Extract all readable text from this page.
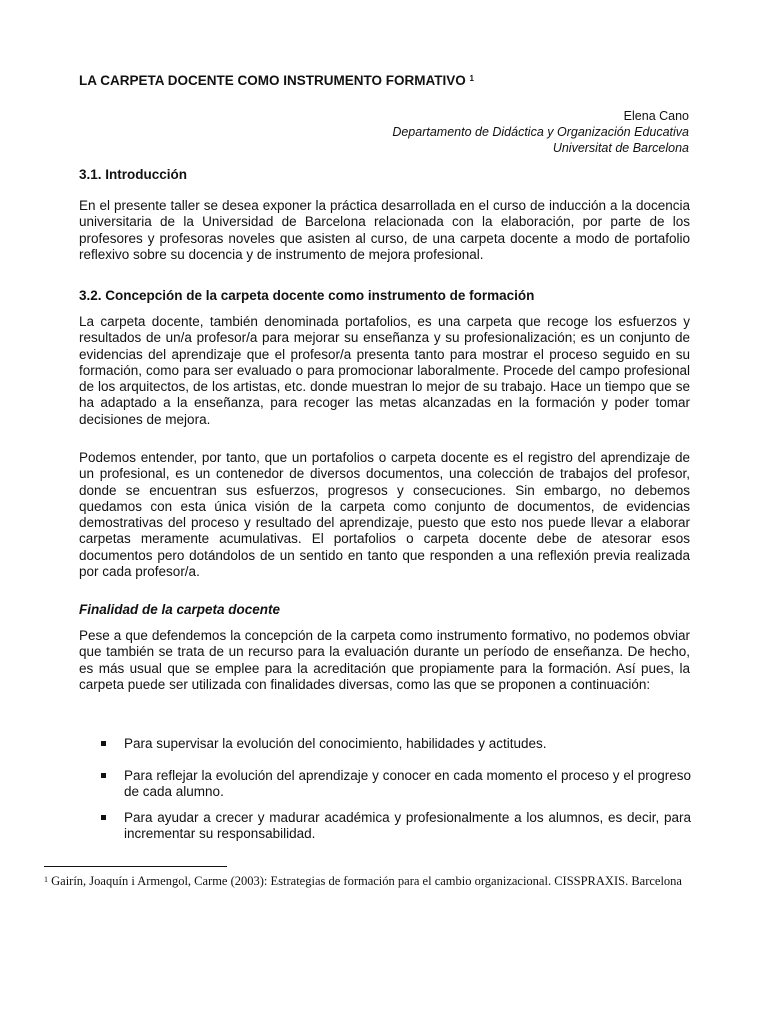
LA CARPETA DOCENTE COMO INSTRUMENTO FORMATIVO $^1$
Elena Cano
Departamento de Didáctica y Organización Educativa
Universitat de Barcelona
3.1. Introducción

En el presente taller se desea exponer la práctica desarrollada en el curso de inducción a la docencia universitaria de la Universidad de Barcelona relacionada con la elaboración, por parte de los profesores y profesoras noveles que asisten al curso, de una carpeta docente a modo de portafolio reflexivo sobre su docencia y de instrumento de mejora profesional.

3.2. Concepción de la carpeta docente como instrumento de formación

La carpeta docente, también denominada portafolios, es una carpeta que recoge los esfuerzos y resultados de un/a profesor/a para mejorar su enseñanza y su profesionalización; es un conjunto de evidencias del aprendizaje que el profesor/a presenta tanto para mostrar el proceso seguido en su formación, como para ser evaluado o para promocionar laboralmente. Procede del campo profesional de los arquitectos, de los artistas, etc. donde muestran lo mejor de su trabajo. Hace un tiempo que se ha adaptado a la enseñanza, para recoger las metas alcanzadas en la formación y poder tomar decisiones de mejora.

Podemos entender, por tanto, que un portafolios o carpeta docente es el registro del aprendizaje de un profesional, es un contenedor de diversos documentos, una colección de trabajos del profesor, donde se encuentran sus esfuerzos, progresos y consecuciones. Sin embargo, no debemos quedamos con esta única visión de la carpeta como conjunto de documentos, de evidencias demostrativas del proceso y resultado del aprendizaje, puesto que esto nos puede llevar a elaborar carpetas meramente acumulativas. El portafolios o carpeta docente debe de atesorar esos documentos pero dotándolos de un sentido en tanto que responden a una reflexión previa realizada por cada profesor/a.

Finalidad de la carpeta docente

Pese a que defendemos la concepción de la carpeta como instrumento formativo, no podemos obviar que también se trata de un recurso para la evaluación durante un período de enseñanza. De hecho, es más usual que se emplee para la acreditación que propiamente para la formación. Así pues, la carpeta puede ser utilizada con finalidades diversas, como las que se proponen a continuación:

Para supervisar la evolución del conocimiento, habilidades y actitudes.
Para reflejar la evolución del aprendizaje y conocer en cada momento el proceso y el progreso de cada alumno.
Para ayudar a crecer y madurar académica y profesionalmente a los alumnos, es decir, para incrementar su responsabilidad.
$^1$ Gairín, Joaquín i Armengol, Carme (2003): Estrategias de formación para el cambio organizacional. CISSPRAXIS. Barcelona
